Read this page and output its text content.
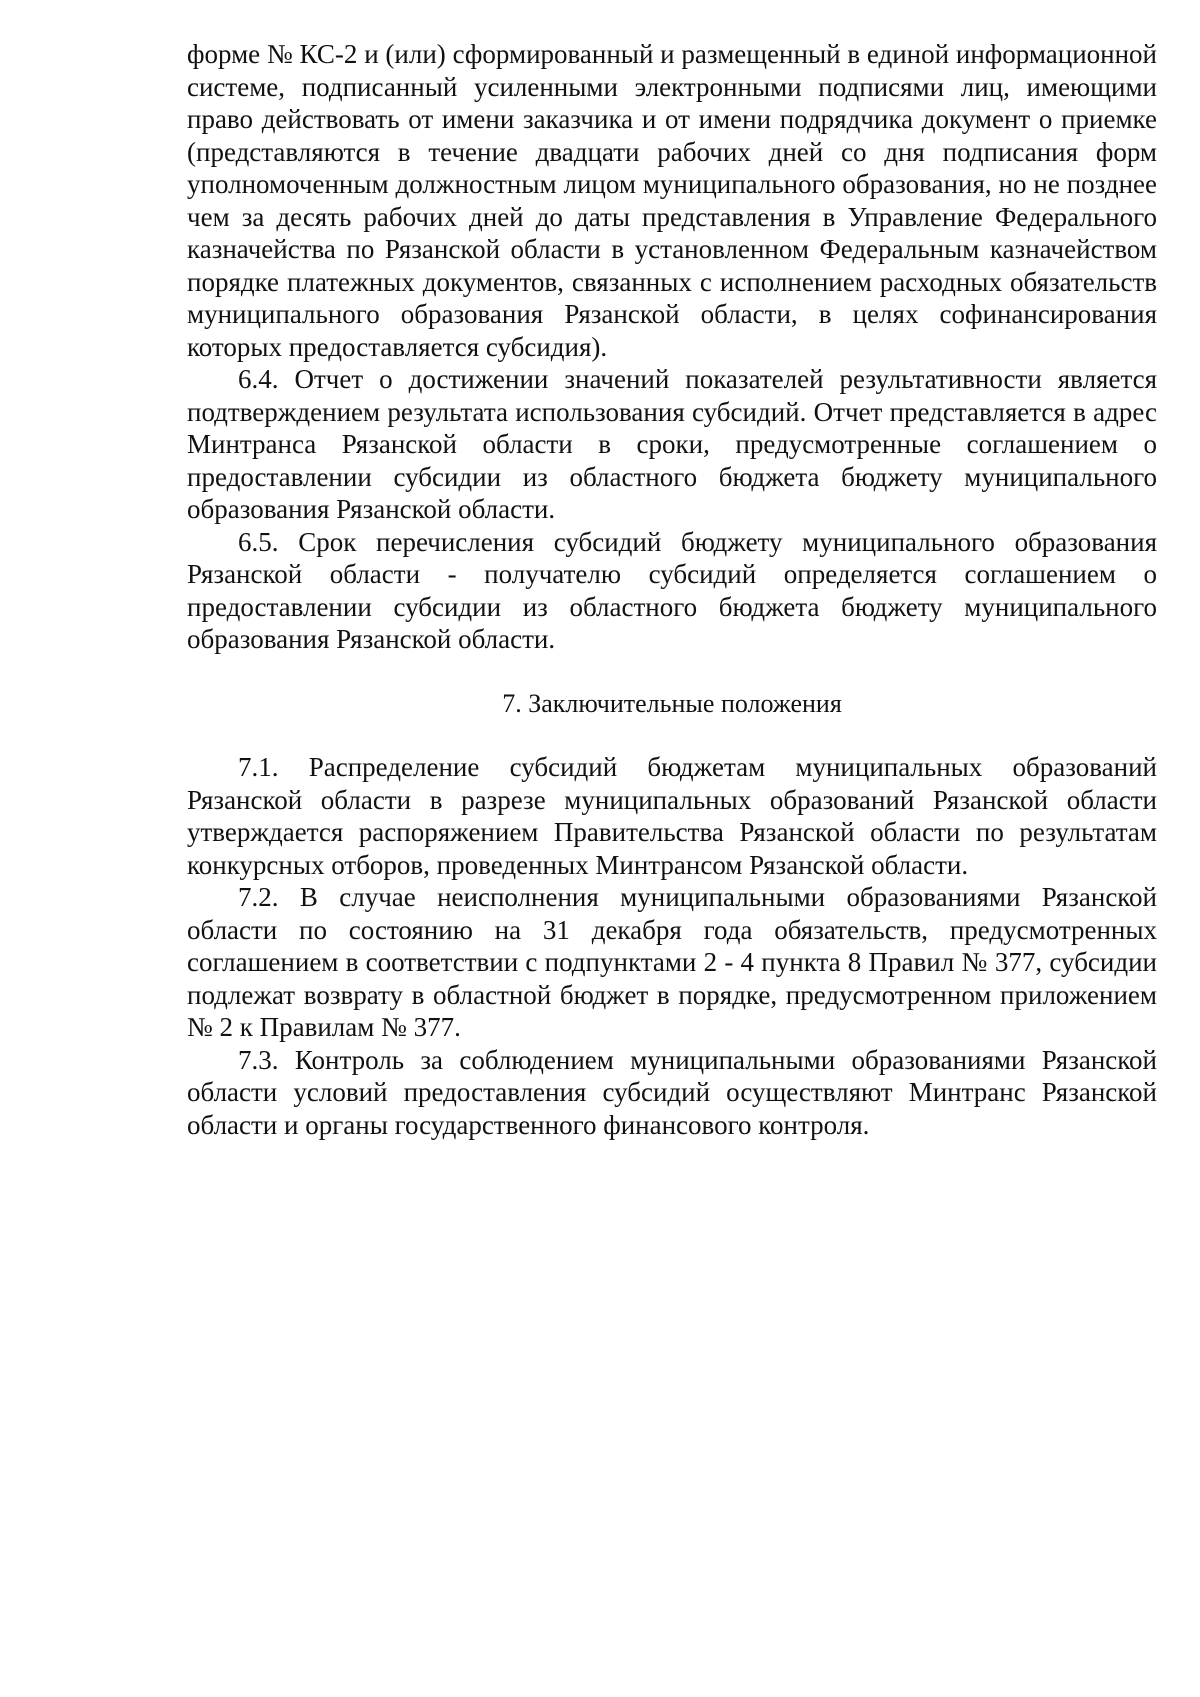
форме № КС-2 и (или) сформированный и размещенный в единой информационной системе, подписанный усиленными электронными подписями лиц, имеющими право действовать от имени заказчика и от имени подрядчика документ о приемке (представляются в течение двадцати рабочих дней со дня подписания форм уполномоченным должностным лицом муниципального образования, но не позднее чем за десять рабочих дней до даты представления в Управление Федерального казначейства по Рязанской области в установленном Федеральным казначейством порядке платежных документов, связанных с исполнением расходных обязательств муниципального образования Рязанской области, в целях софинансирования которых предоставляется субсидия).

6.4. Отчет о достижении значений показателей результативности является подтверждением результата использования субсидий. Отчет представляется в адрес Минтранса Рязанской области в сроки, предусмотренные соглашением о предоставлении субсидии из областного бюджета бюджету муниципального образования Рязанской области.

6.5. Срок перечисления субсидий бюджету муниципального образования Рязанской области - получателю субсидий определяется соглашением о предоставлении субсидии из областного бюджета бюджету муниципального образования Рязанской области.

7. Заключительные положения

7.1. Распределение субсидий бюджетам муниципальных образований Рязанской области в разрезе муниципальных образований Рязанской области утверждается распоряжением Правительства Рязанской области по результатам конкурсных отборов, проведенных Минтрансом Рязанской области.

7.2. В случае неисполнения муниципальными образованиями Рязанской области по состоянию на 31 декабря года обязательств, предусмотренных соглашением в соответствии с подпунктами 2 - 4 пункта 8 Правил № 377, субсидии подлежат возврату в областной бюджет в порядке, предусмотренном приложением № 2 к Правилам № 377.

7.3. Контроль за соблюдением муниципальными образованиями Рязанской области условий предоставления субсидий осуществляют Минтранс Рязанской области и органы государственного финансового контроля.
